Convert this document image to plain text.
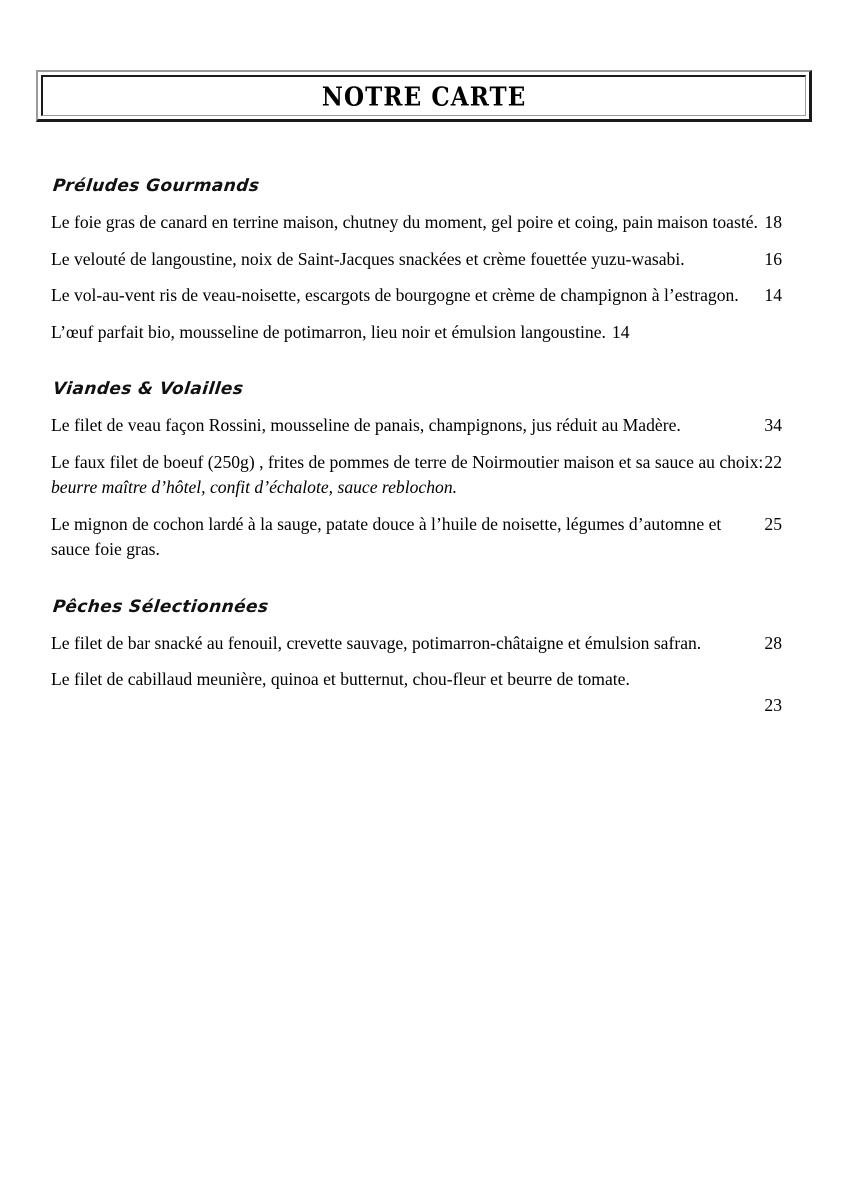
NOTRE CARTE
Préludes Gourmands
18
Le foie gras de canard en terrine maison, chutney du moment, gel poire et coing, pain maison toasté.
16
Le velouté de langoustine, noix de Saint-Jacques snackées et crème fouettée yuzu-wasabi.
14
Le vol-au-vent ris de veau-noisette, escargots de bourgogne et crème de champignon à l’estragon.
L’œuf parfait bio, mousseline de potimarron, lieu noir et émulsion langoustine. 14
Viandes & Volailles
34
Le filet de veau façon Rossini, mousseline de panais, champignons, jus réduit au Madère.
22
Le faux filet de boeuf (250g) , frites de pommes de terre de Noirmoutier maison et sa sauce au choix: beurre maître d’hôtel, confit d’échalote, sauce reblochon.
25
Le mignon de cochon lardé à la sauge, patate douce à l’huile de noisette, légumes d’automne et sauce foie gras.
Pêches Sélectionnées
28
Le filet de bar snacké au fenouil, crevette sauvage, potimarron-châtaigne et émulsion safran.
Le filet de cabillaud meunière, quinoa et butternut, chou-fleur et beurre de tomate.
23
